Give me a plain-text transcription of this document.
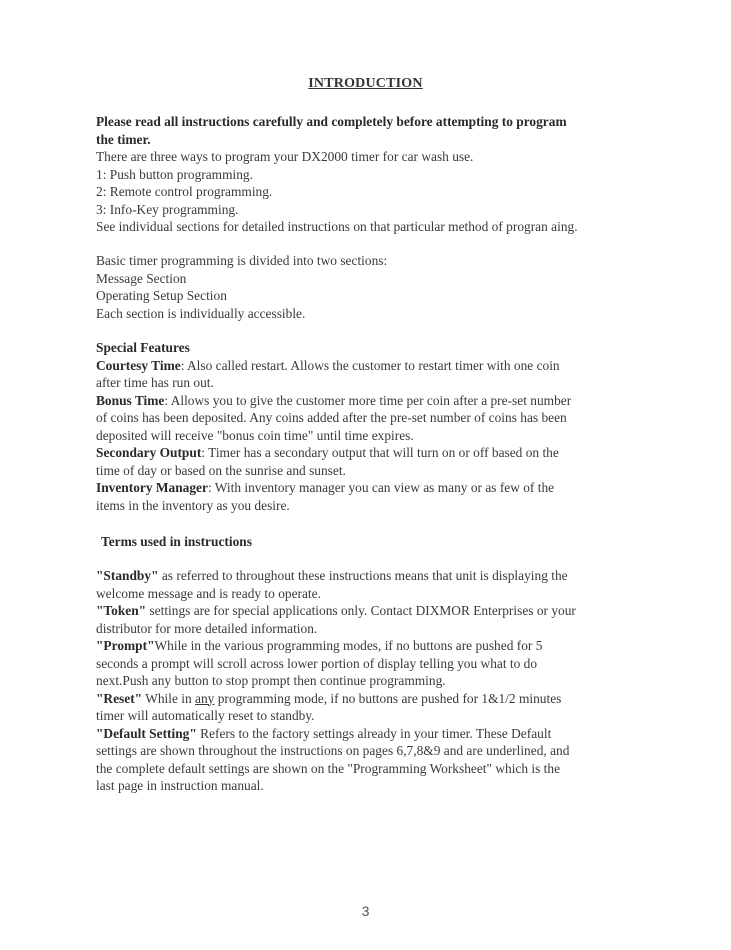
INTRODUCTION
Please read all instructions carefully and completely before attempting to program
the timer.
There are three ways to program your DX2000 timer for car wash use.
1: Push button programming.
2: Remote control programming.
3: Info-Key programming.
See individual sections for detailed instructions on that particular method of progran aing.
Basic timer programming is divided into two sections:
Message Section
Operating Setup Section
Each section is individually accessible.
Special Features
Courtesy Time: Also called restart. Allows the customer to restart timer with one coin
after time has run out.
Bonus Time: Allows you to give the customer more time per coin after a pre-set number
of coins has been deposited. Any coins added after the pre-set number of coins has been
deposited will receive "bonus coin time" until time expires.
Secondary Output: Timer has a secondary output that will turn on or off based on the
time of day or based on the sunrise and sunset.
Inventory Manager: With inventory manager you can view as many or as few of the
items in the inventory as you desire.
Terms used in instructions
"Standby" as referred to throughout these instructions means that unit is displaying the
welcome message and is ready to operate.
"Token" settings are for special applications only. Contact DIXMOR Enterprises or your
distributor for more detailed information.
"Prompt"While in the various programming modes, if no buttons are pushed for 5
seconds a prompt will scroll across lower portion of display telling you what to do
next.Push any button to stop prompt then continue programming.
"Reset" While in any programming mode, if no buttons are pushed for 1&1/2 minutes
timer will automatically reset to standby.
"Default Setting" Refers to the factory settings already in your timer. These Default
settings are shown throughout the instructions on pages 6,7,8&9 and are underlined, and
the complete default settings are shown on the "Programming Worksheet" which is the
last page in instruction manual.
3
